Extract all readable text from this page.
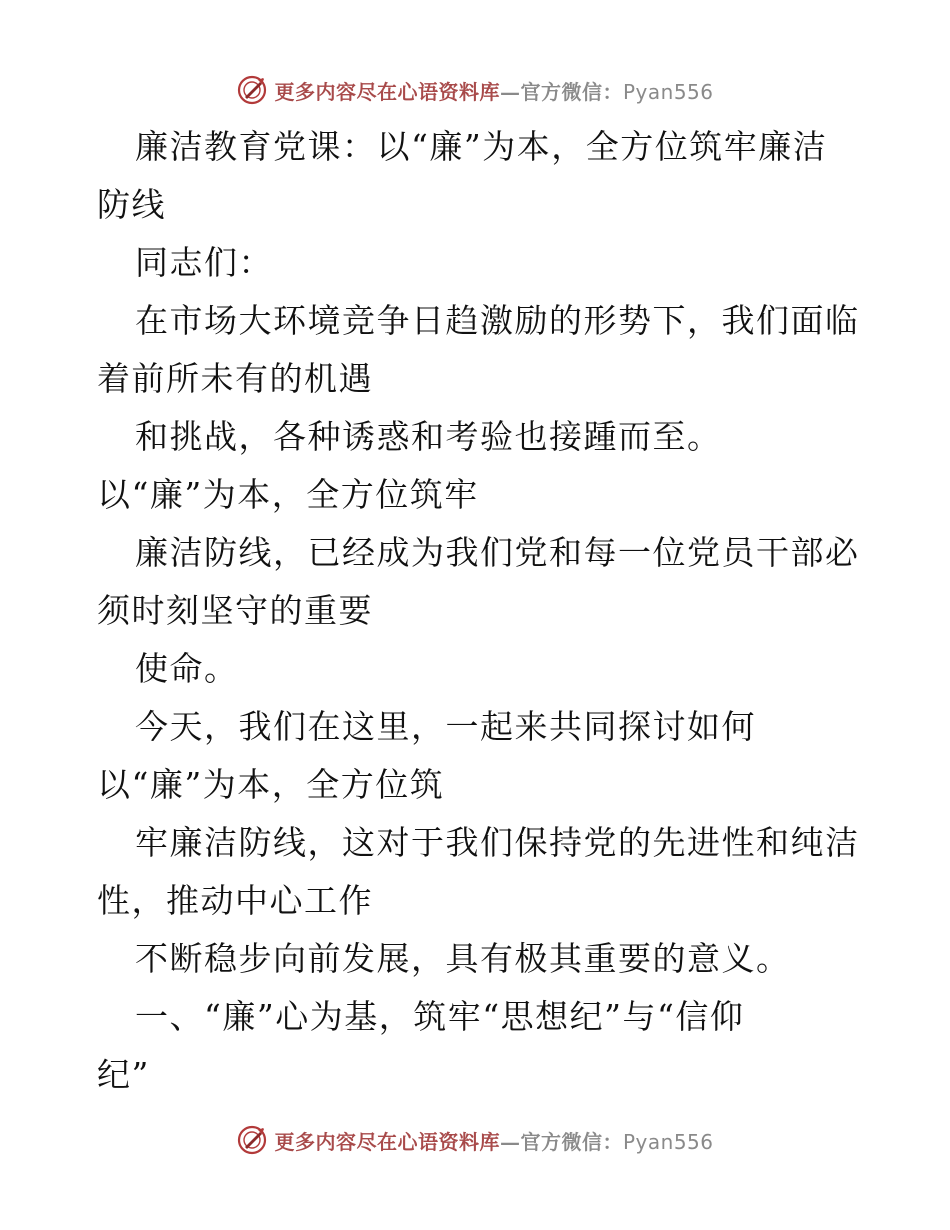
更多内容尽在心语资料库—官方微信：Pyan556
廉洁教育党课：以“廉”为本，全方位筑牢廉洁
防线
同志们：
在市场大环境竞争日趋激励的形势下，我们面临
着前所未有的机遇
和挑战，各种诱惑和考验也接踵而至。
以“廉”为本，全方位筑牢
廉洁防线，已经成为我们党和每一位党员干部必
须时刻坚守的重要
使命。
今天，我们在这里，一起来共同探讨如何
以“廉”为本，全方位筑
牢廉洁防线，这对于我们保持党的先进性和纯洁
性，推动中心工作
不断稳步向前发展，具有极其重要的意义。
一、“廉”心为基，筑牢“思想纪”与“信仰
纪”
更多内容尽在心语资料库—官方微信：Pyan556
